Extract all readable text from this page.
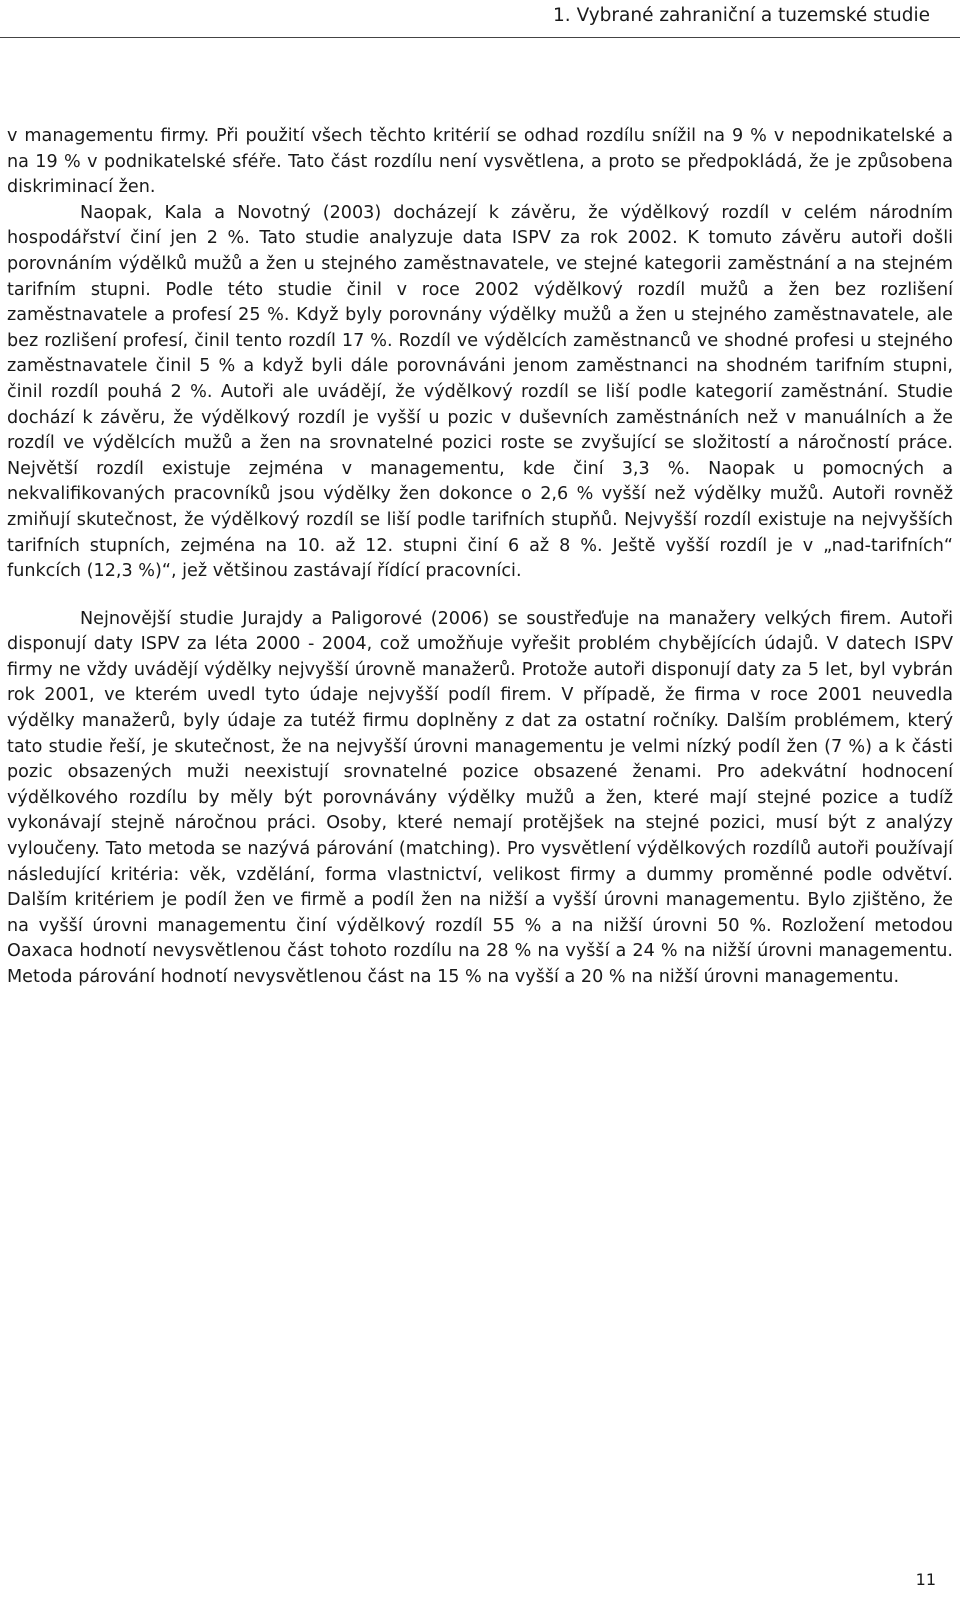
1. Vybrané zahraniční a tuzemské studie

v managementu firmy. Při použití všech těchto kritérií se odhad rozdílu snížil na 9 % v nepodnikatelské a na 19 % v podnikatelské sféře. Tato část rozdílu není vysvětlena, a proto se předpokládá, že je způsobena diskriminací žen.

Naopak, Kala a Novotný (2003) docházejí k závěru, že výdělkový rozdíl v celém národním hospodářství činí jen 2 %. Tato studie analyzuje data ISPV za rok 2002. K tomuto závěru autoři došli porovnáním výdělků mužů a žen u stejného zaměstnavatele, ve stejné kategorii zaměstnání a na stejném tarifním stupni. Podle této studie činil v roce 2002 výdělkový rozdíl mužů a žen bez rozlišení zaměstnavatele a profesí 25 %. Když byly porovnány výdělky mužů a žen u stejného zaměstnavatele, ale bez rozlišení profesí, činil tento rozdíl 17 %. Rozdíl ve výdělcích zaměstnanců ve shodné profesi u stejného zaměstnavatele činil 5 % a když byli dále porovnáváni jenom zaměstnanci na shodném tarifním stupni, činil rozdíl pouhá 2 %. Autoři ale uvádějí, že výdělkový rozdíl se liší podle kategorií zaměstnání. Studie dochází k závěru, že výdělkový rozdíl je vyšší u pozic v duševních zaměstnáních než v manuálních a že rozdíl ve výdělcích mužů a žen na srovnatelné pozici roste se zvyšující se složitostí a náročností práce. Největší rozdíl existuje zejména v managementu, kde činí 3,3 %. Naopak u pomocných a nekvalifikovaných pracovníků jsou výdělky žen dokonce o 2,6 % vyšší než výdělky mužů. Autoři rovněž zmiňují skutečnost, že výdělkový rozdíl se liší podle tarifních stupňů. Nejvyšší rozdíl existuje na nejvyšších tarifních stupních, zejména na 10. až 12. stupni činí 6 až 8 %. Ještě vyšší rozdíl je v „nad-tarifních“ funkcích (12,3 %)“, jež většinou zastávají řídící pracovníci.

Nejnovější studie Jurajdy a Paligorové (2006) se soustřeďuje na manažery velkých firem. Autoři disponují daty ISPV za léta 2000 - 2004, což umožňuje vyřešit problém chybějících údajů. V datech ISPV firmy ne vždy uvádějí výdělky nejvyšší úrovně manažerů. Protože autoři disponují daty za 5 let, byl vybrán rok 2001, ve kterém uvedl tyto údaje nejvyšší podíl firem. V případě, že firma v roce 2001 neuvedla výdělky manažerů, byly údaje za tutéž firmu doplněny z dat za ostatní ročníky. Dalším problémem, který tato studie řeší, je skutečnost, že na nejvyšší úrovni managementu je velmi nízký podíl žen (7 %) a k části pozic obsazených muži neexistují srovnatelné pozice obsazené ženami. Pro adekvátní hodnocení výdělkového rozdílu by měly být porovnávány výdělky mužů a žen, které mají stejné pozice a tudíž vykonávají stejně náročnou práci. Osoby, které nemají protějšek na stejné pozici, musí být z analýzy vyloučeny. Tato metoda se nazývá párování (matching). Pro vysvětlení výdělkových rozdílů autoři používají následující kritéria: věk, vzdělání, forma vlastnictví, velikost firmy a dummy proměnné podle odvětví. Dalším kritériem je podíl žen ve firmě a podíl žen na nižší a vyšší úrovni managementu. Bylo zjištěno, že na vyšší úrovni managementu činí výdělkový rozdíl 55 % a na nižší úrovni 50 %. Rozložení metodou Oaxaca hodnotí nevysvětlenou část tohoto rozdílu na 28 % na vyšší a 24 % na nižší úrovni managementu. Metoda párování hodnotí nevysvětlenou část na 15 % na vyšší a 20 % na nižší úrovni managementu.

11
